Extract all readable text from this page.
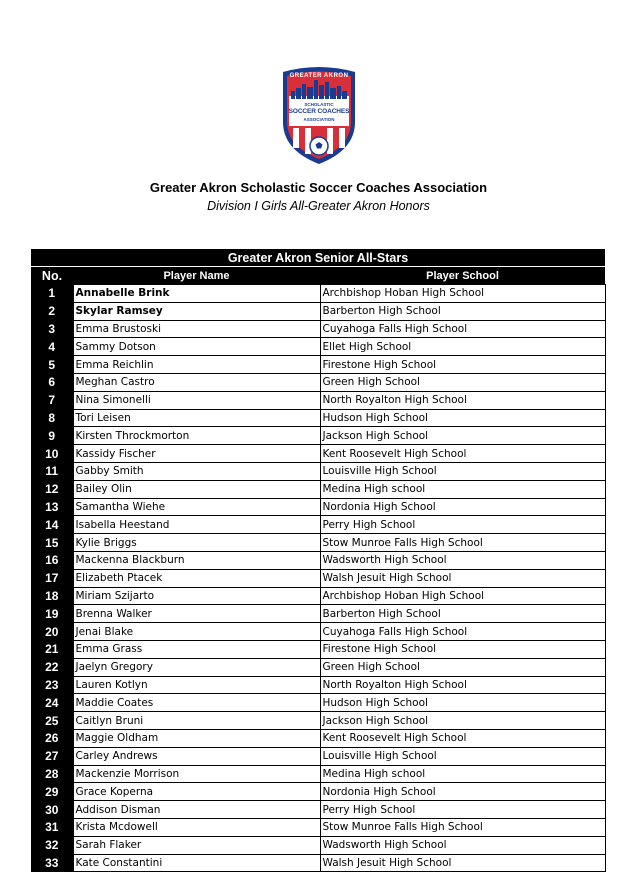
GREATER AKRON
SCHOLASTIC
SOCCER COACHES
ASSOCIATION
Greater Akron Scholastic Soccer Coaches Association
Division I Girls All-Greater Akron Honors
Greater Akron Senior All-Stars		
No.	Player Name	Player School
1	Annabelle Brink	Archbishop Hoban High School
2	Skylar Ramsey	Barberton High School
3	Emma Brustoski	Cuyahoga Falls High School
4	Sammy Dotson	Ellet High School
5	Emma Reichlin	Firestone High School
6	Meghan Castro	Green High School
7	Nina Simonelli	North Royalton High School
8	Tori Leisen	Hudson High School
9	Kirsten Throckmorton	Jackson High School
10	Kassidy Fischer	Kent Roosevelt High School
11	Gabby Smith	Louisville High School
12	Bailey Olin	Medina High school
13	Samantha Wiehe	Nordonia High School
14	Isabella Heestand	Perry High School
15	Kylie Briggs	Stow Munroe Falls High School
16	Mackenna Blackburn	Wadsworth High School
17	Elizabeth Ptacek	Walsh Jesuit High School
18	Miriam Szijarto	Archbishop Hoban High School
19	Brenna Walker	Barberton High School
20	Jenai Blake	Cuyahoga Falls High School
21	Emma Grass	Firestone High School
22	Jaelyn Gregory	Green High School
23	Lauren Kotlyn	North Royalton High School
24	Maddie Coates	Hudson High School
25	Caitlyn Bruni	Jackson High School
26	Maggie Oldham	Kent Roosevelt High School
27	Carley Andrews	Louisville High School
28	Mackenzie Morrison	Medina High school
29	Grace Koperna	Nordonia High School
30	Addison Disman	Perry High School
31	Krista Mcdowell	Stow Munroe Falls High School
32	Sarah Flaker	Wadsworth High School
33	Kate Constantini	Walsh Jesuit High School
